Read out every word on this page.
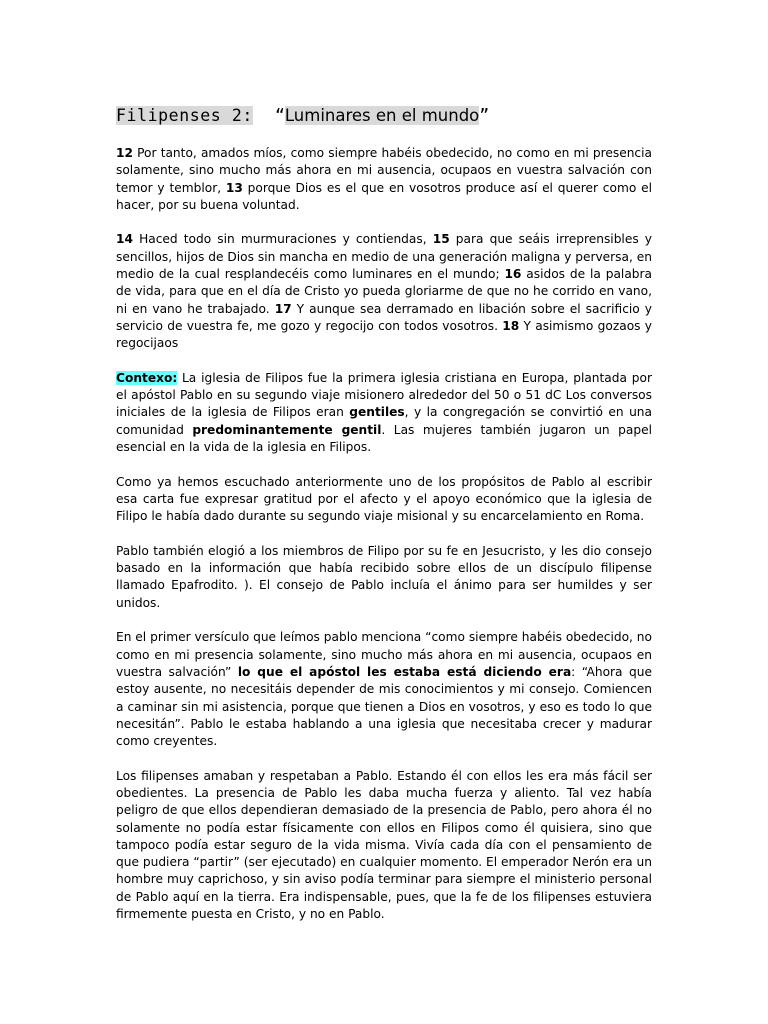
Filipenses 2: “Luminares en el mundo”

12 Por tanto, amados míos, como siempre habéis obedecido, no como en mi presencia solamente, sino mucho más ahora en mi ausencia, ocupaos en vuestra salvación con temor y temblor, 13 porque Dios es el que en vosotros produce así el querer como el hacer, por su buena voluntad.

14 Haced todo sin murmuraciones y contiendas, 15 para que seáis irreprensibles y sencillos, hijos de Dios sin mancha en medio de una generación maligna y perversa, en medio de la cual resplandecéis como luminares en el mundo; 16 asidos de la palabra de vida, para que en el día de Cristo yo pueda gloriarme de que no he corrido en vano, ni en vano he trabajado. 17 Y aunque sea derramado en libación sobre el sacrificio y servicio de vuestra fe, me gozo y regocijo con todos vosotros. 18 Y asimismo gozaos y regocijaos

Contexo: La iglesia de Filipos fue la primera iglesia cristiana en Europa, plantada por el apóstol Pablo en su segundo viaje misionero alrededor del 50 o 51 dC Los conversos iniciales de la iglesia de Filipos eran gentiles, y la congregación se convirtió en una comunidad predominantemente gentil. Las mujeres también jugaron un papel esencial en la vida de la iglesia en Filipos.

Como ya hemos escuchado anteriormente uno de los propósitos de Pablo al escribir esa carta fue expresar gratitud por el afecto y el apoyo económico que la iglesia de Filipo le había dado durante su segundo viaje misional y su encarcelamiento en Roma.

Pablo también elogió a los miembros de Filipo por su fe en Jesucristo, y les dio consejo basado en la información que había recibido sobre ellos de un discípulo filipense llamado Epafrodito. ). El consejo de Pablo incluía el ánimo para ser humildes y ser unidos.

En el primer versículo que leímos pablo menciona “como siempre habéis obedecido, no como en mi presencia solamente, sino mucho más ahora en mi ausencia, ocupaos en vuestra salvación” lo que el apóstol les estaba está diciendo era: “Ahora que estoy ausente, no necesitáis depender de mis conocimientos y mi consejo. Comiencen a caminar sin mi asistencia, porque que tienen a Dios en vosotros, y eso es todo lo que necesitán”. Pablo le estaba hablando a una iglesia que necesitaba crecer y madurar como creyentes.

Los filipenses amaban y respetaban a Pablo. Estando él con ellos les era más fácil ser obedientes. La presencia de Pablo les daba mucha fuerza y aliento. Tal vez había peligro de que ellos dependieran demasiado de la presencia de Pablo, pero ahora él no solamente no podía estar físicamente con ellos en Filipos como él quisiera, sino que tampoco podía estar seguro de la vida misma. Vivía cada día con el pensamiento de que pudiera “partir” (ser ejecutado) en cualquier momento. El emperador Nerón era un hombre muy caprichoso, y sin aviso podía terminar para siempre el ministerio personal de Pablo aquí en la tierra. Era indispensable, pues, que la fe de los filipenses estuviera firmemente puesta en Cristo, y no en Pablo.
